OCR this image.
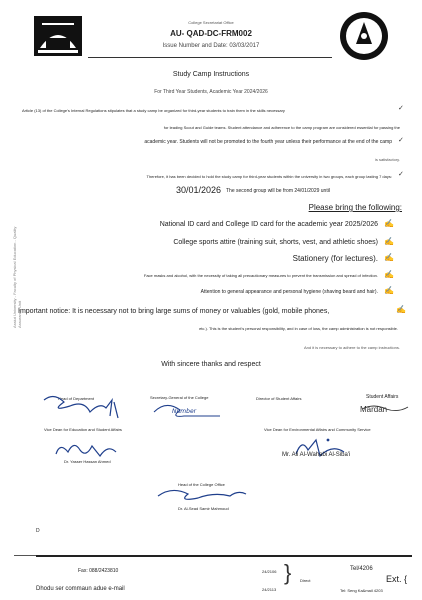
Assiut University - Faculty of Physical Education - Quality Assurance Unit
College Secretariat Office
AU- QAD-DC-FRM002
Issue Number and Date: 03/03/2017
Study Camp Instructions
For Third Year Students, Academic Year 2024/2026
Article (13) of the College's Internal Regulations stipulates that a study camp be organized for third-year students to train them in the skills necessary	✓
for leading Scout and Guide teams. Student attendance and adherence to the camp program are considered essential for passing the
academic year. Students will not be promoted to the fourth year unless their performance at the end of the camp ✓
is satisfactory.
Therefore, it has been decided to hold the study camp for third-year students within the university in two groups, each group lasting 7 days: ✓
30/01/2026 The second group will be from 24/01/2029 until
Please bring the following:
National ID card and College ID card for the academic year 2025/2026 ✍
College sports attire (training suit, shorts, vest, and athletic shoes) ✍
Stationery (for lectures). ✍
Face masks and alcohol, with the necessity of taking all precautionary measures to prevent the transmission and spread of infection. ✍
Attention to general appearance and personal hygiene (shaving beard and hair). ✍
Important notice: It is necessary not to bring large sums of money or valuables (gold, mobile phones,	✍
etc.). This is the student's personal responsibility, and in case of loss, the camp administration is not responsible.
And it is necessary to adhere to the camp instructions.
With sincere thanks and respect
Head of Department
Vice Dean for Education and Student Affairs
Secretary-General of the College
Number
Director of Student Affairs	Student Affairs
Mardan
Vice Dean for Environmental Affairs and Community Service
Dr. Yasser Hassan Ahmed
Mr. Ali Al-Wahabi Al-Siba'i
Head of the College Office
Dr. Al-Sead Samir Mahmoud
D
Fax: 088/2423810
Dhodu ser commaun adue e-mail
24/2106
24/2113
} Direct
Tel/4206
Ext. {
Tel: Seng Ka&mail 4203
